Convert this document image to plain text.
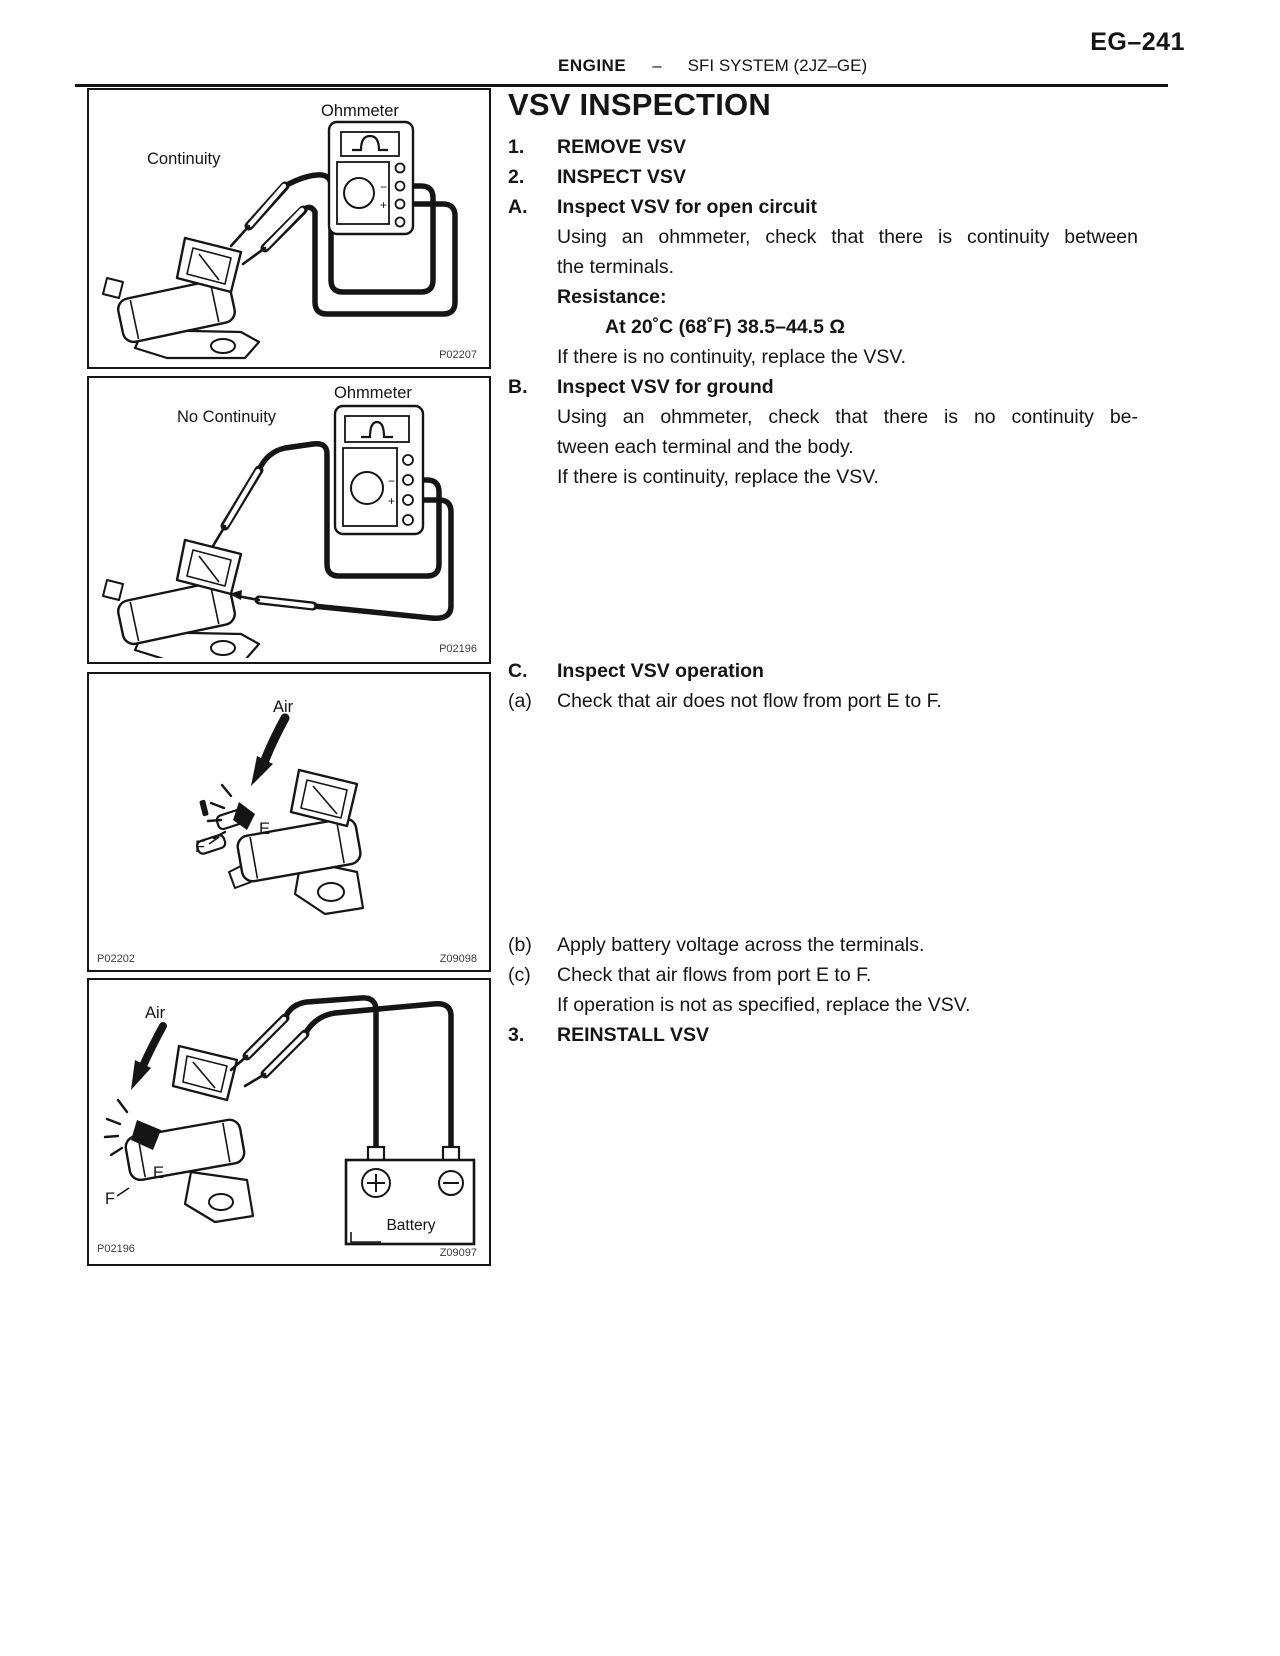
EG–241
ENGINE – SFI SYSTEM (2JZ–GE)
Ohmmeter
Continuity
−
+
P02207
Ohmmeter
No Continuity
−
+
P02196
Air
E
F
P02202	Z09098
Air
Battery
E
F
P02196	Z09097
VSV INSPECTION
1.	REMOVE VSV
2.	INSPECT VSV
A.	Inspect VSV for open circuit
Using an ohmmeter, check that there is continuity between
the terminals.
Resistance:
At 20˚C (68˚F) 38.5–44.5 Ω
If there is no continuity, replace the VSV.
B.	Inspect VSV for ground
Using an ohmmeter, check that there is no continuity be-
tween each terminal and the body.
If there is continuity, replace the VSV.
C.	Inspect VSV operation
(a)	Check that air does not flow from port E to F.
(b)	Apply battery voltage across the terminals.
(c)	Check that air flows from port E to F.
If operation is not as specified, replace the VSV.
3.	REINSTALL VSV
